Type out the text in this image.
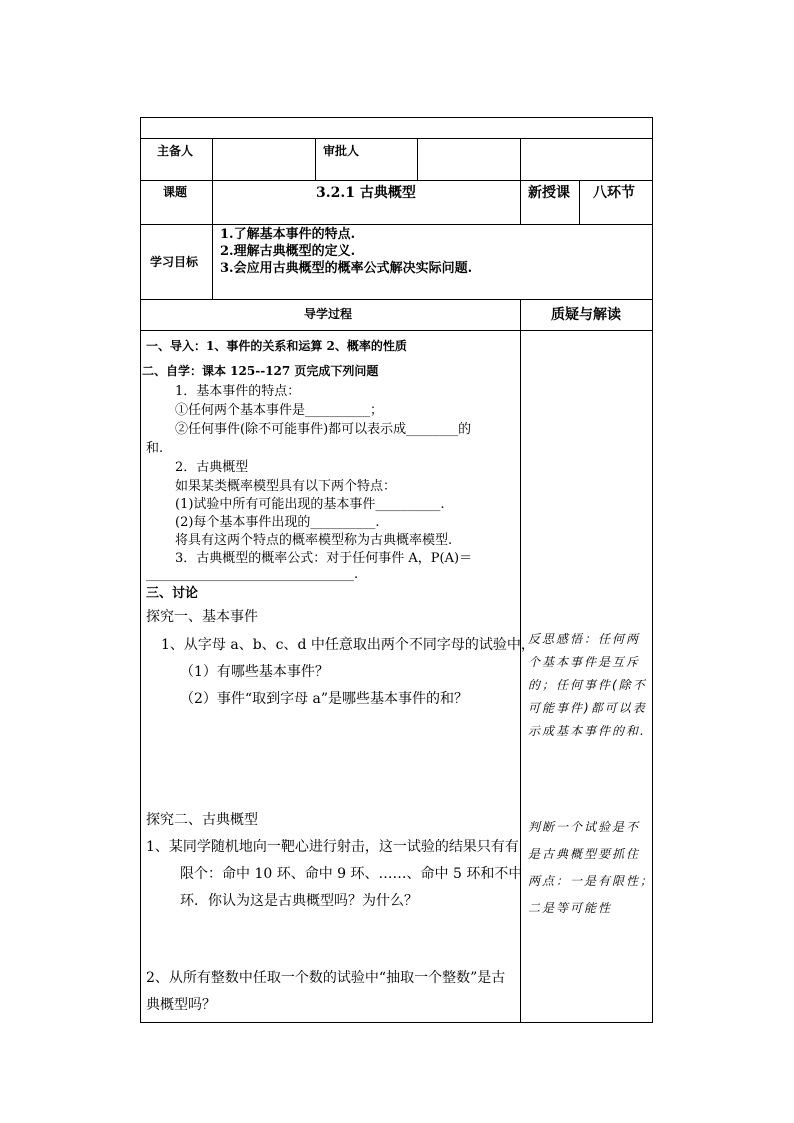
主备人	审批人
课题	3.2.1 古典概型	新授课 八环节
学习目标
1.了解基本事件的特点.
2.理解古典概型的定义.
3.会应用古典概型的概率公式解决实际问题.
导学过程	质疑与解读
一、导入：1、事件的关系和运算 2、概率的性质
二、自学：课本 125--127 页完成下列问题
1．基本事件的特点：
①任何两个基本事件是__________；
②任何事件(除不可能事件)都可以表示成________的
和.
2．古典概型
如果某类概率模型具有以下两个特点：
(1)试验中所有可能出现的基本事件__________.
(2)每个基本事件出现的__________.
将具有这两个特点的概率模型称为古典概率模型.
3．古典概型的概率公式：对于任何事件 A，P(A)＝
________________________________.
三、讨论
探究一、基本事件
1、从字母 a、b、c、d 中任意取出两个不同字母的试验中，
（1）有哪些基本事件？
（2）事件“取到字母 a”是哪些基本事件的和？
探究二、古典概型
1、某同学随机地向一靶心进行射击，这一试验的结果只有有
限个：命中 10 环、命中 9 环、……、命中 5 环和不中
环．你认为这是古典概型吗？为什么？
2、从所有整数中任取一个数的试验中“抽取一个整数”是古
典概型吗？
反思感悟：任何两
个基本事件是互斥
的；任何事件(除不
可能事件)都可以表
示成基本事件的和.
判断一个试验是不
是古典概型要抓住
两点：一是有限性；
二是等可能性
